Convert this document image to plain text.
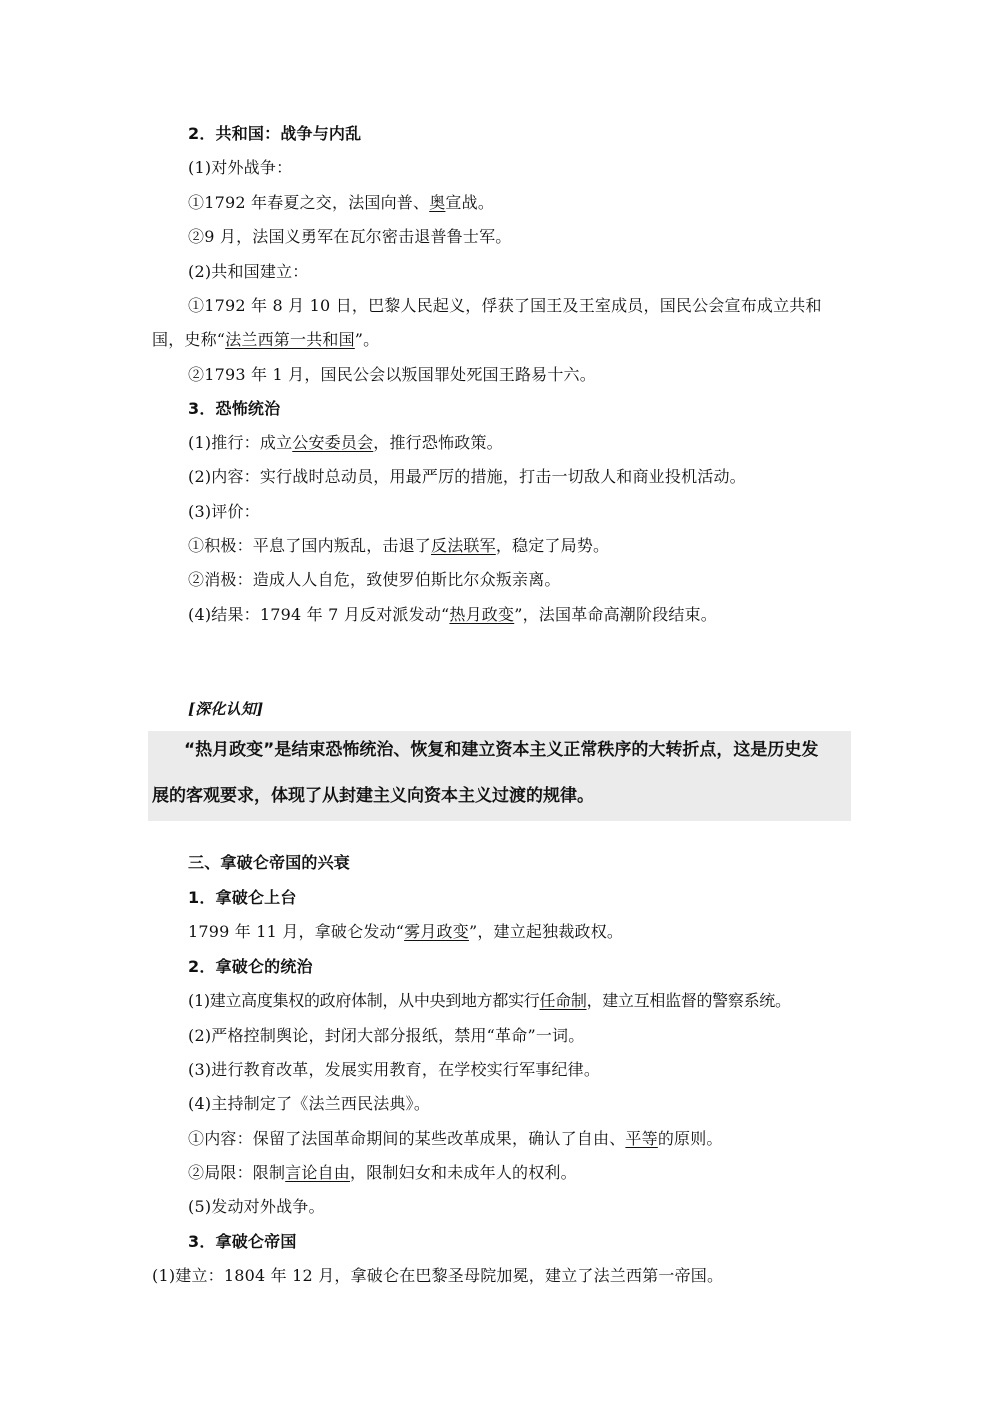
2．共和国：战争与内乱
(1)对外战争：
①1792 年春夏之交，法国向普、奥宣战。
②9 月，法国义勇军在瓦尔密击退普鲁士军。
(2)共和国建立：
①1792 年 8 月 10 日，巴黎人民起义，俘获了国王及王室成员，国民公会宣布成立共和
国，史称“法兰西第一共和国”。
②1793 年 1 月，国民公会以叛国罪处死国王路易十六。
3．恐怖统治
(1)推行：成立公安委员会，推行恐怖政策。
(2)内容：实行战时总动员，用最严厉的措施，打击一切敌人和商业投机活动。
(3)评价：
①积极：平息了国内叛乱，击退了反法联军，稳定了局势。
②消极：造成人人自危，致使罗伯斯比尔众叛亲离。
(4)结果：1794 年 7 月反对派发动“热月政变”，法国革命高潮阶段结束。
[深化认知]
“热月政变”是结束恐怖统治、恢复和建立资本主义正常秩序的大转折点，这是历史发
展的客观要求，体现了从封建主义向资本主义过渡的规律。
三、拿破仑帝国的兴衰
1．拿破仑上台
1799 年 11 月，拿破仑发动“雾月政变”，建立起独裁政权。
2．拿破仑的统治
(1)建立高度集权的政府体制，从中央到地方都实行任命制，建立互相监督的警察系统。
(2)严格控制舆论，封闭大部分报纸，禁用“革命”一词。
(3)进行教育改革，发展实用教育，在学校实行军事纪律。
(4)主持制定了《法兰西民法典》。
①内容：保留了法国革命期间的某些改革成果，确认了自由、平等的原则。
②局限：限制言论自由，限制妇女和未成年人的权利。
(5)发动对外战争。
3．拿破仑帝国
(1)建立：1804 年 12 月，拿破仑在巴黎圣母院加冕，建立了法兰西第一帝国。
